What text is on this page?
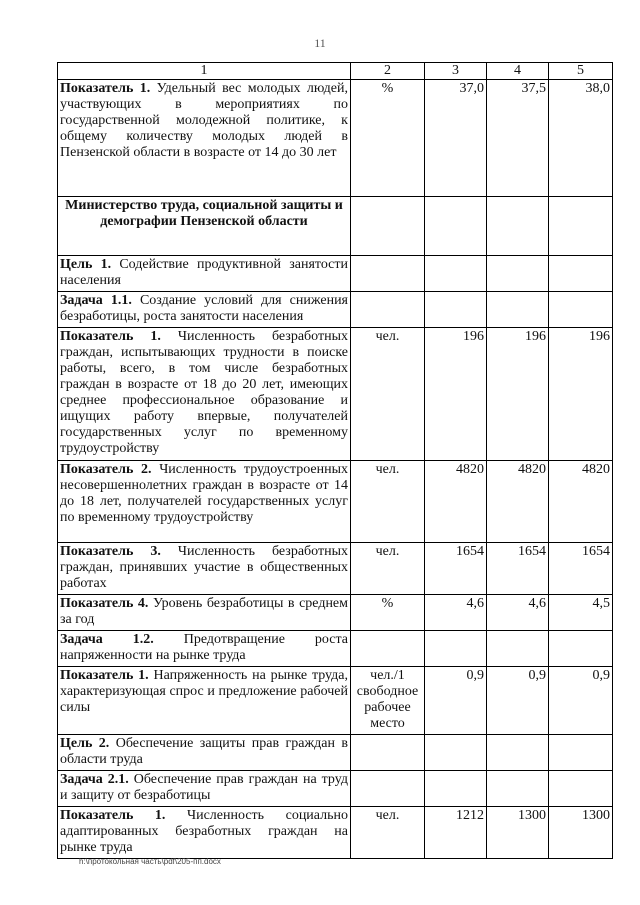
11
1	2	3	4	5
Показатель 1. Удельный вес молодых людей, участвующих в мероприятиях по государственной молодежной политике, к общему количеству молодых людей в Пензенской области в возрасте от 14 до 30 лет	%	37,0	37,5	38,0
Министерство труда, социальной защиты и демографии Пензенской области				
Цель 1. Содействие продуктивной занятости населения				
Задача 1.1. Создание условий для снижения безработицы, роста занятости населения				
Показатель 1. Численность безработных граждан, испытывающих трудности в поиске работы, всего, в том числе безработных граждан в возрасте от 18 до 20 лет, имеющих среднее профессиональное образование и ищущих работу впервые, получателей государственных услуг по временному трудоустройству	чел.	196	196	196
Показатель 2. Численность трудоустроенных несовершеннолетних граждан в возрасте от 14 до 18 лет, получателей государственных услуг по временному трудоустройству	чел.	4820	4820	4820
Показатель 3. Численность безработных граждан, принявших участие в общественных работах	чел.	1654	1654	1654
Показатель 4. Уровень безработицы в среднем за год	%	4,6	4,6	4,5
Задача 1.2. Предотвращение роста напряженности на рынке труда				
Показатель 1. Напряженность на рынке труда, характеризующая спрос и предложение рабочей силы	чел./1 свободное рабочее место	0,9	0,9	0,9
Цель 2. Обеспечение защиты прав граждан в области труда				
Задача 2.1. Обеспечение прав граждан на труд и защиту от безработицы				
Показатель 1. Численность социально адаптированных безработных граждан на рынке труда	чел.	1212	1300	1300
h:\протокольная часть\pdf\205-пп.docx
